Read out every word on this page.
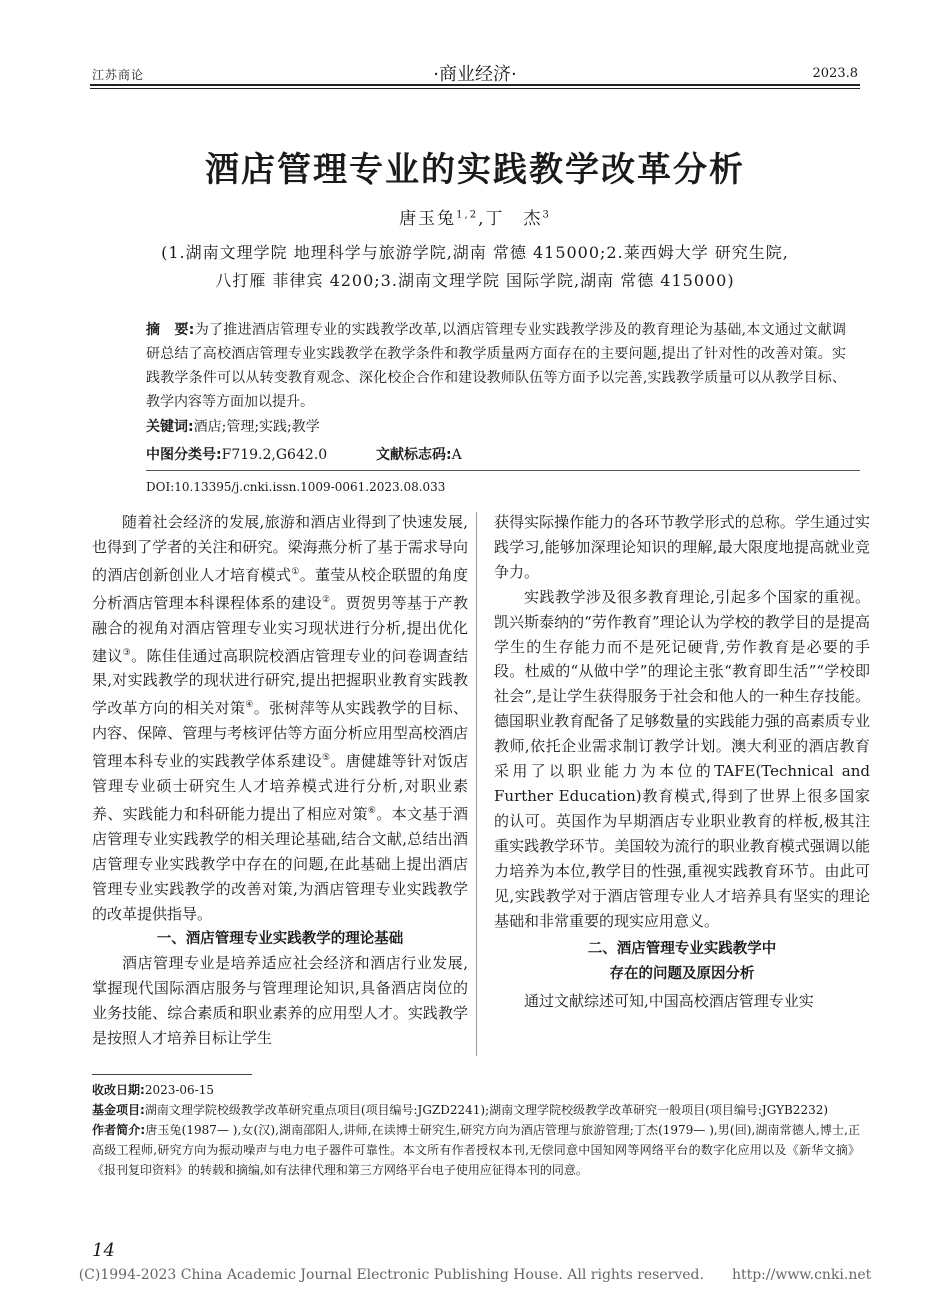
江苏商论	·商业经济·	2023.8
酒店管理专业的实践教学改革分析
唐玉兔$^{1,2}$,丁　杰$^3$
(1.湖南文理学院 地理科学与旅游学院,湖南 常德 415000;2.莱西姆大学 研究生院,
八打雁 菲律宾 4200;3.湖南文理学院 国际学院,湖南 常德 415000)
摘　要:为了推进酒店管理专业的实践教学改革,以酒店管理专业实践教学涉及的教育理论为基础,本文通过文献调研总结了高校酒店管理专业实践教学在教学条件和教学质量两方面存在的主要问题,提出了针对性的改善对策。实践教学条件可以从转变教育观念、深化校企合作和建设教师队伍等方面予以完善,实践教学质量可以从教学目标、教学内容等方面加以提升。
关键词:酒店;管理;实践;教学
中图分类号:F719.2,G642.0	文献标志码:A
DOI:10.13395/j.cnki.issn.1009-0061.2023.08.033

随着社会经济的发展,旅游和酒店业得到了快速发展,也得到了学者的关注和研究。梁海燕分析了基于需求导向的酒店创新创业人才培育模式①。董莹从校企联盟的角度分析酒店管理本科课程体系的建设②。贾贺男等基于产教融合的视角对酒店管理专业实习现状进行分析,提出优化建议③。陈佳佳通过高职院校酒店管理专业的问卷调查结果,对实践教学的现状进行研究,提出把握职业教育实践教学改革方向的相关对策④。张树萍等从实践教学的目标、内容、保障、管理与考核评估等方面分析应用型高校酒店管理本科专业的实践教学体系建设⑤。唐健雄等针对饭店管理专业硕士研究生人才培养模式进行分析,对职业素养、实践能力和科研能力提出了相应对策⑥。本文基于酒店管理专业实践教学的相关理论基础,结合文献,总结出酒店管理专业实践教学中存在的问题,在此基础上提出酒店管理专业实践教学的改善对策,为酒店管理专业实践教学的改革提供指导。

一、酒店管理专业实践教学的理论基础

酒店管理专业是培养适应社会经济和酒店行业发展,掌握现代国际酒店服务与管理理论知识,具备酒店岗位的业务技能、综合素质和职业素养的应用型人才。实践教学是按照人才培养目标让学生

获得实际操作能力的各环节教学形式的总称。学生通过实践学习,能够加深理论知识的理解,最大限度地提高就业竞争力。

实践教学涉及很多教育理论,引起多个国家的重视。凯兴斯泰纳的“劳作教育”理论认为学校的教学目的是提高学生的生存能力而不是死记硬背,劳作教育是必要的手段。杜威的“从做中学”的理论主张“教育即生活”“学校即社会”,是让学生获得服务于社会和他人的一种生存技能。德国职业教育配备了足够数量的实践能力强的高素质专业教师,依托企业需求制订教学计划。澳大利亚的酒店教育采用了以职业能力为本位的TAFE(Technical and Further Education)教育模式,得到了世界上很多国家的认可。英国作为早期酒店专业职业教育的样板,极其注重实践教学环节。美国较为流行的职业教育模式强调以能力培养为本位,教学目的性强,重视实践教育环节。由此可见,实践教学对于酒店管理专业人才培养具有坚实的理论基础和非常重要的现实应用意义。

二、酒店管理专业实践教学中

存在的问题及原因分析

通过文献综述可知,中国高校酒店管理专业实

收改日期:2023-06-15

基金项目:湖南文理学院校级教学改革研究重点项目(项目编号:JGZD2241);湖南文理学院校级教学改革研究一般项目(项目编号:JGYB2232)

作者简介:唐玉兔(1987— ),女(汉),湖南邵阳人,讲师,在读博士研究生,研究方向为酒店管理与旅游管理;丁杰(1979— ),男(回),湖南常德人,博士,正高级工程师,研究方向为振动噪声与电力电子器件可靠性。本文所有作者授权本刊,无偿同意中国知网等网络平台的数字化应用以及《新华文摘》《报刊复印资料》的转载和摘编,如有法律代理和第三方网络平台电子使用应征得本刊的同意。

14
(C)1994-2023 China Academic Journal Electronic Publishing House. All rights reserved.　　http://www.cnki.net
